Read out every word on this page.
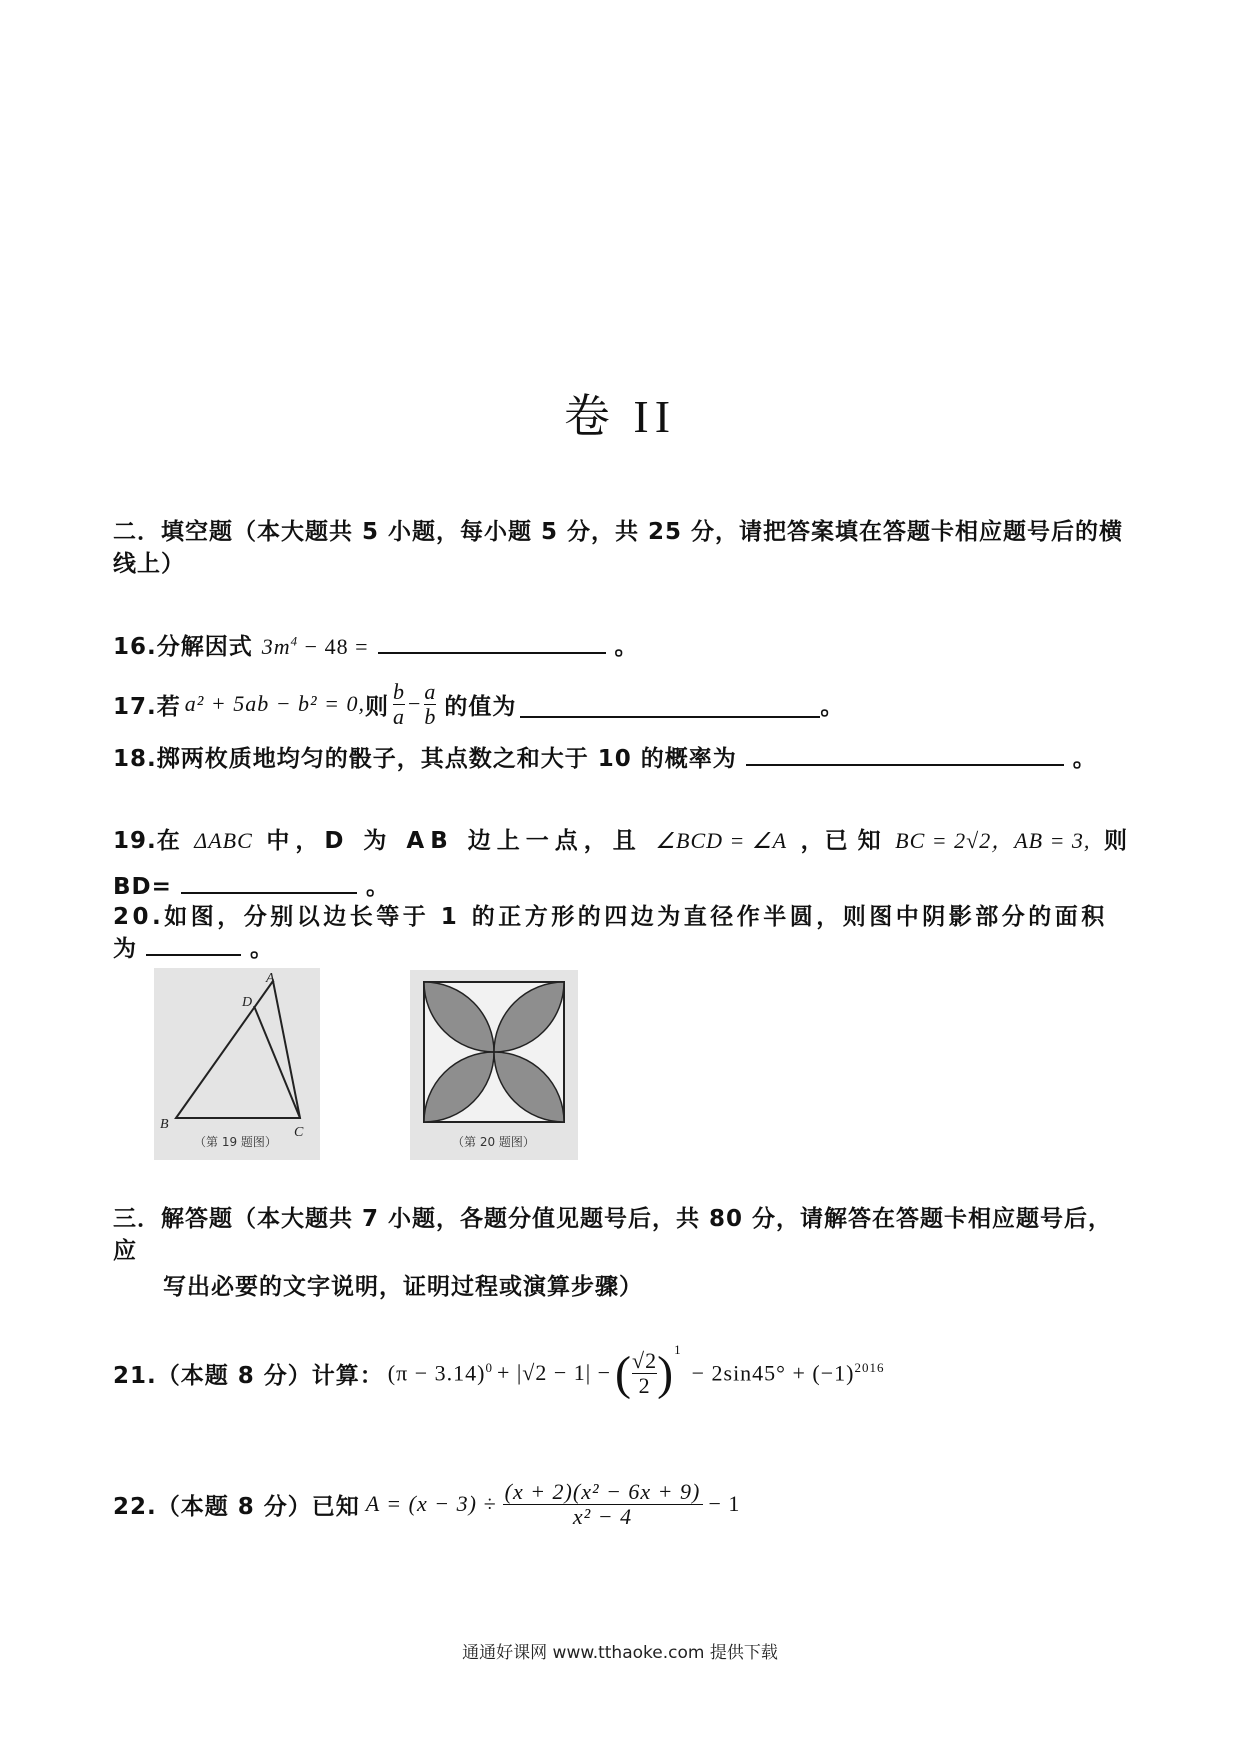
卷 II
二．填空题（本大题共 5 小题，每小题 5 分，共 25 分，请把答案填在答题卡相应题号后的横
线上）
16.分解因式 $3m^4 - 48$ =	。
17.若 a² + 5ab − b² = 0, 则 $\frac{b}{a} - \frac{a}{b}$ 的值为	。
18.掷两枚质地均匀的骰子，其点数之和大于 10 的概率为	。
19.在 ΔABC 中，D 为 AB 边上一点，且 ∠BCD = ∠A ，已 知 BC = 2√2，AB = 3, 则
BD=	。
20.如图，分别以边长等于 1 的正方形的四边为直径作半圆，则图中阴影部分的面积
为	。
A
D
B
C
（第 19 题图）	（第 20 题图）
三．解答题（本大题共 7 小题，各题分值见题号后，共 80 分，请解答在答题卡相应题号后，
应
写出必要的文字说明，证明过程或演算步骤）
21.（本题 8 分）计算： $(\pi - 3.14)^0 + |√2 - 1|$ − ( $\frac{√2}{2}$ ) 1
− $2\sin 45^\circ + (-1)^{2016}$
22.（本题 8 分）已知 $A = (x - 3) \div \frac{\text{(x + 2)(x² − 6x + 9)}}{\text{x² − 4}} - 1$
通通好课网 www.tthaoke.com 提供下载
